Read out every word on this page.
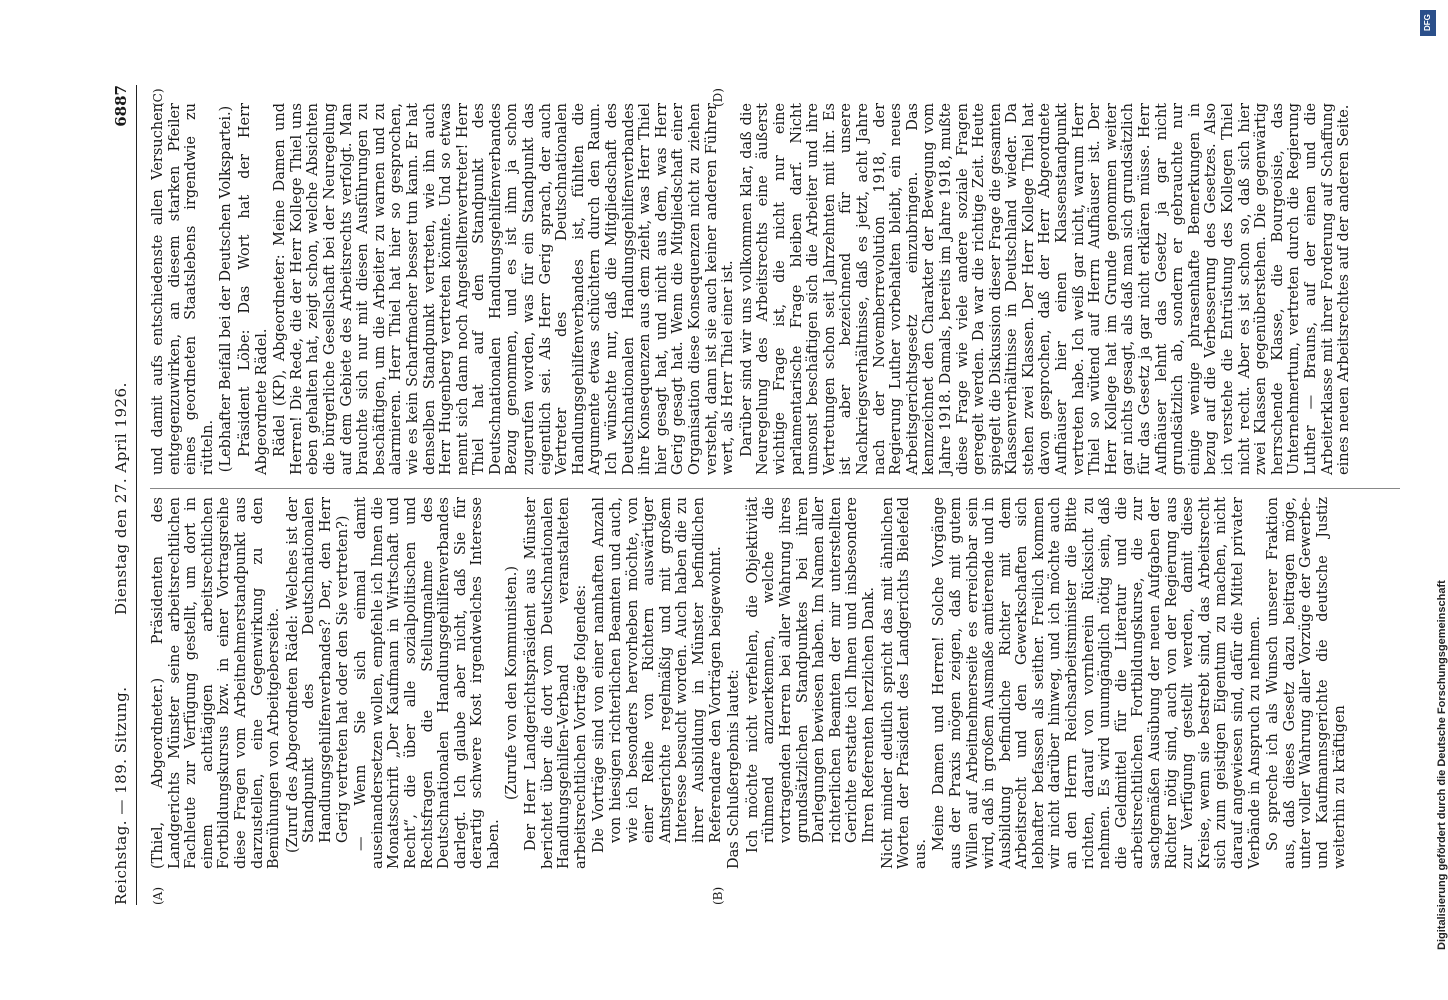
Reichstag. — 189. Sitzung.
Dienstag den 27. April 1926.
6887
(A)	(B)
(C)	(D)

(Thiel, Abgeordneter.) Präsidenten des Landgerichts Münster seine arbeitsrechtlichen Fachleute zur Verfügung gestellt, um dort in einem achttägigen arbeitsrechtlichen Fortbildungskursus bzw. in einer Vortragsreihe diese Fragen vom Arbeitnehmerstandpunkt aus darzustellen, eine Gegenwirkung zu den Bemühungen von Arbeitgeberseite. (Zuruf des Abgeordneten Rädel: Welches ist der Standpunkt des Deutschnationalen Handlungsgehilfenverbandes? Der, den Herr Gerig vertreten hat oder den Sie vertreten?) — Wenn Sie sich einmal damit auseinandersetzen wollen, empfehle ich Ihnen die Monatsschrift „Der Kaufmann in Wirtschaft und Recht“, die über alle sozialpolitischen und Rechtsfragen die Stellungnahme des Deutschnationalen Handlungsgehilfenverbandes darlegt. Ich glaube aber nicht, daß Sie für derartig schwere Kost irgendwelches Interesse haben.

(Zurufe von den Kommunisten.) Der Herr Landgerichtspräsident aus Münster berichtet über die dort vom Deutschnationalen Handlungsgehilfen-Verband veranstalteten arbeitsrechtlichen Vorträge folgendes: Die Vorträge sind von einer namhaften Anzahl von hiesigen richterlichen Beamten und auch, wie ich besonders hervorheben möchte, von einer Reihe von Richtern auswärtiger Amtsgerichte regelmäßig und mit großem Interesse besucht worden. Auch haben die zu ihrer Ausbildung in Münster befindlichen Referendare den Vorträgen beigewohnt. Das Schlußergebnis lautet: Ich möchte nicht verfehlen, die Objektivität rühmend anzuerkennen, welche die vortragenden Herren bei aller Wahrung ihres grundsätzlichen Standpunktes bei ihren Darlegungen bewiesen haben. Im Namen aller richterlichen Beamten der mir unterstellten Gerichte erstatte ich Ihnen und insbesondere Ihren Referenten herzlichen Dank. Nicht minder deutlich spricht das mit ähnlichen Worten der Präsident des Landgerichts Bielefeld aus.

Meine Damen und Herren! Solche Vorgänge aus der Praxis mögen zeigen, daß mit gutem Willen auf Arbeitnehmerseite es erreichbar sein wird, daß in großem Ausmaße amtierende und in Ausbildung befindliche Richter mit dem Arbeitsrecht und den Gewerkschaften sich lebhafter befassen als seither. Freilich kommen wir nicht darüber hinweg, und ich möchte auch an den Herrn Reichsarbeitsminister die Bitte richten, darauf von vornherein Rücksicht zu nehmen. Es wird unumgänglich nötig sein, daß die Geldmittel für die Literatur und die arbeitsrechtlichen Fortbildungskurse, die zur sachgemäßen Ausübung der neuen Aufgaben der Richter nötig sind, auch von der Regierung aus zur Verfügung gestellt werden, damit diese Kreise, wenn sie bestrebt sind, das Arbeitsrecht sich zum geistigen Eigentum zu machen, nicht darauf angewiesen sind, dafür die Mittel privater Verbände in Anspruch zu nehmen. So spreche ich als Wunsch unserer Fraktion aus, daß dieses Gesetz dazu beitragen möge, unter voller Wahrung aller Vorzüge der Gewerbe- und Kaufmannsgerichte die deutsche Justiz weiterhin zu kräftigen

und damit aufs entschiedenste allen Versuchen entgegenzuwirken, an diesem starken Pfeiler eines geordneten Staatslebens irgendwie zu rütteln. (Lebhafter Beifall bei der Deutschen Volkspartei.) Präsident Löbe: Das Wort hat der Herr Abgeordnete Rädel. Rädel (KP), Abgeordneter: Meine Damen und Herren! Die Rede, die der Herr Kollege Thiel uns eben gehalten hat, zeigt schon, welche Absichten die bürgerliche Gesellschaft bei der Neuregelung auf dem Gebiete des Arbeitsrechts verfolgt. Man brauchte sich nur mit diesen Ausführungen zu beschäftigen, um die Arbeiter zu warnen und zu alarmieren. Herr Thiel hat hier so gesprochen, wie es kein Scharfmacher besser tun kann. Er hat denselben Standpunkt vertreten, wie ihn auch Herr Hugenberg vertreten könnte. Und so etwas nennt sich dann noch Angestelltenvertreter! Herr Thiel hat auf den Standpunkt des Deutschnationalen Handlungsgehilfenverbandes Bezug genommen, und es ist ihm ja schon zugerufen worden, was für ein Standpunkt das eigentlich sei. Als Herr Gerig sprach, der auch Vertreter des Deutschnationalen Handlungsgehilfenverbandes ist, fühlten die Argumente etwas schüchtern durch den Raum. Ich wünschte nur, daß die Mitgliedschaft des Deutschnationalen Handlungsgehilfenverbandes ihre Konsequenzen aus dem zieht, was Herr Thiel hier gesagt hat, und nicht aus dem, was Herr Gerig gesagt hat. Wenn die Mitgliedschaft einer Organisation diese Konsequenzen nicht zu ziehen versteht, dann ist sie auch keiner anderen Führer wert, als Herr Thiel einer ist. Darüber sind wir uns vollkommen klar, daß die Neuregelung des Arbeitsrechts eine äußerst wichtige Frage ist, die nicht nur eine parlamentarische Frage bleiben darf. Nicht umsonst beschäftigen sich die Arbeiter und ihre Vertretungen schon seit Jahrzehnten mit ihr. Es ist aber bezeichnend für unsere Nachkriegsverhältnisse, daß es jetzt, acht Jahre nach der Novemberrevolution 1918, der Regierung Luther vorbehalten bleibt, ein neues Arbeitsgerichtsgesetz einzubringen. Das kennzeichnet den Charakter der Bewegung vom Jahre 1918. Damals, bereits im Jahre 1918, mußte diese Frage wie viele andere soziale Fragen geregelt werden. Da war die richtige Zeit. Heute spiegelt die Diskussion dieser Frage die gesamten Klassenverhältnisse in Deutschland wieder. Da stehen zwei Klassen. Der Herr Kollege Thiel hat davon gesprochen, daß der Herr Abgeordnete Aufhäuser hier einen Klassenstandpunkt vertreten habe. Ich weiß gar nicht, warum Herr Thiel so wütend auf Herrn Aufhäuser ist. Der Herr Kollege hat im Grunde genommen weiter gar nichts gesagt, als daß man sich grundsätzlich für das Gesetz ja gar nicht erklären müsse. Herr Aufhäuser lehnt das Gesetz ja gar nicht grundsätzlich ab, sondern er gebrauchte nur einige wenige phrasenhafte Bemerkungen in bezug auf die Verbesserung des Gesetzes. Also ich verstehe die Entrüstung des Kollegen Thiel nicht recht. Aber es ist schon so, daß sich hier zwei Klassen gegenüberstehen. Die gegenwärtig herrschende Klasse, die Bourgeoisie, das Unternehmertum, vertreten durch die Regierung Luther — Brauns, auf der einen und die Arbeiterklasse mit ihrer Forderung auf Schaffung eines neuen Arbeitsrechtes auf der anderen Seite.

DFG
Digitalisierung gefördert durch die Deutsche Forschungsgemeinschaft
